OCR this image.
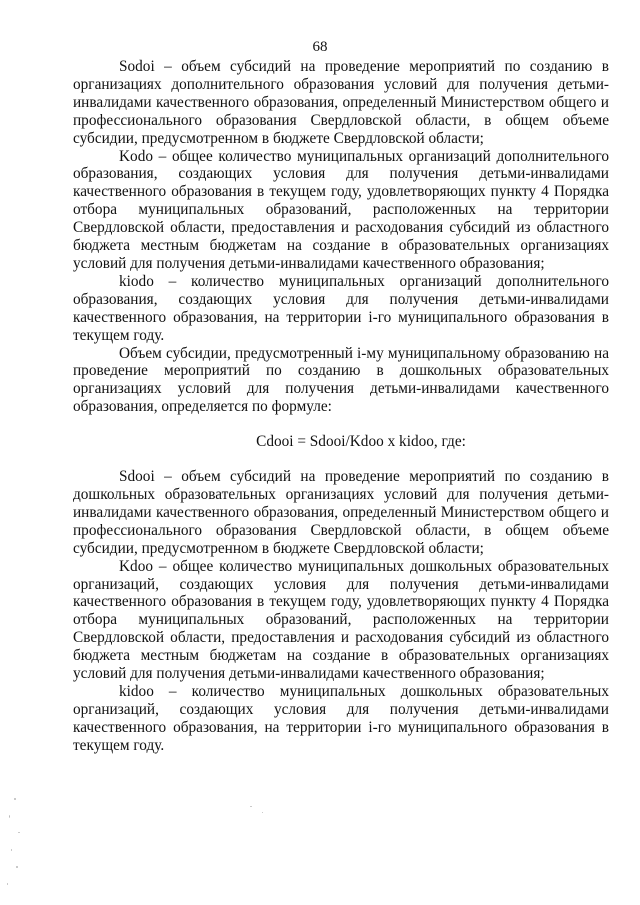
68

Sodoi – объем субсидий на проведение мероприятий по созданию в организациях дополнительного образования условий для получения детьми-инвалидами качественного образования, определенный Министерством общего и профессионального образования Свердловской области, в общем объеме субсидии, предусмотренном в бюджете Свердловской области;

Kodo – общее количество муниципальных организаций дополнительного образования, создающих условия для получения детьми-инвалидами качественного образования в текущем году, удовлетворяющих пункту 4 Порядка отбора муниципальных образований, расположенных на территории Свердловской области, предоставления и расходования субсидий из областного бюджета местным бюджетам на создание в образовательных организациях условий для получения детьми-инвалидами качественного образования;

kiodo – количество муниципальных организаций дополнительного образования, создающих условия для получения детьми-инвалидами качественного образования, на территории i-го муниципального образования в текущем году.

Объем субсидии, предусмотренный i-му муниципальному образованию на проведение мероприятий по созданию в дошкольных образовательных организациях условий для получения детьми-инвалидами качественного образования, определяется по формуле:

Cdooi = Sdooi/Kdoo x kidoo, где:

Sdooi – объем субсидий на проведение мероприятий по созданию в дошкольных образовательных организациях условий для получения детьми-инвалидами качественного образования, определенный Министерством общего и профессионального образования Свердловской области, в общем объеме субсидии, предусмотренном в бюджете Свердловской области;

Kdoo – общее количество муниципальных дошкольных образовательных организаций, создающих условия для получения детьми-инвалидами качественного образования в текущем году, удовлетворяющих пункту 4 Порядка отбора муниципальных образований, расположенных на территории Свердловской области, предоставления и расходования субсидий из областного бюджета местным бюджетам на создание в образовательных организациях условий для получения детьми-инвалидами качественного образования;

kidoo – количество муниципальных дошкольных образовательных организаций, создающих условия для получения детьми-инвалидами качественного образования, на территории i-го муниципального образования в текущем году.
